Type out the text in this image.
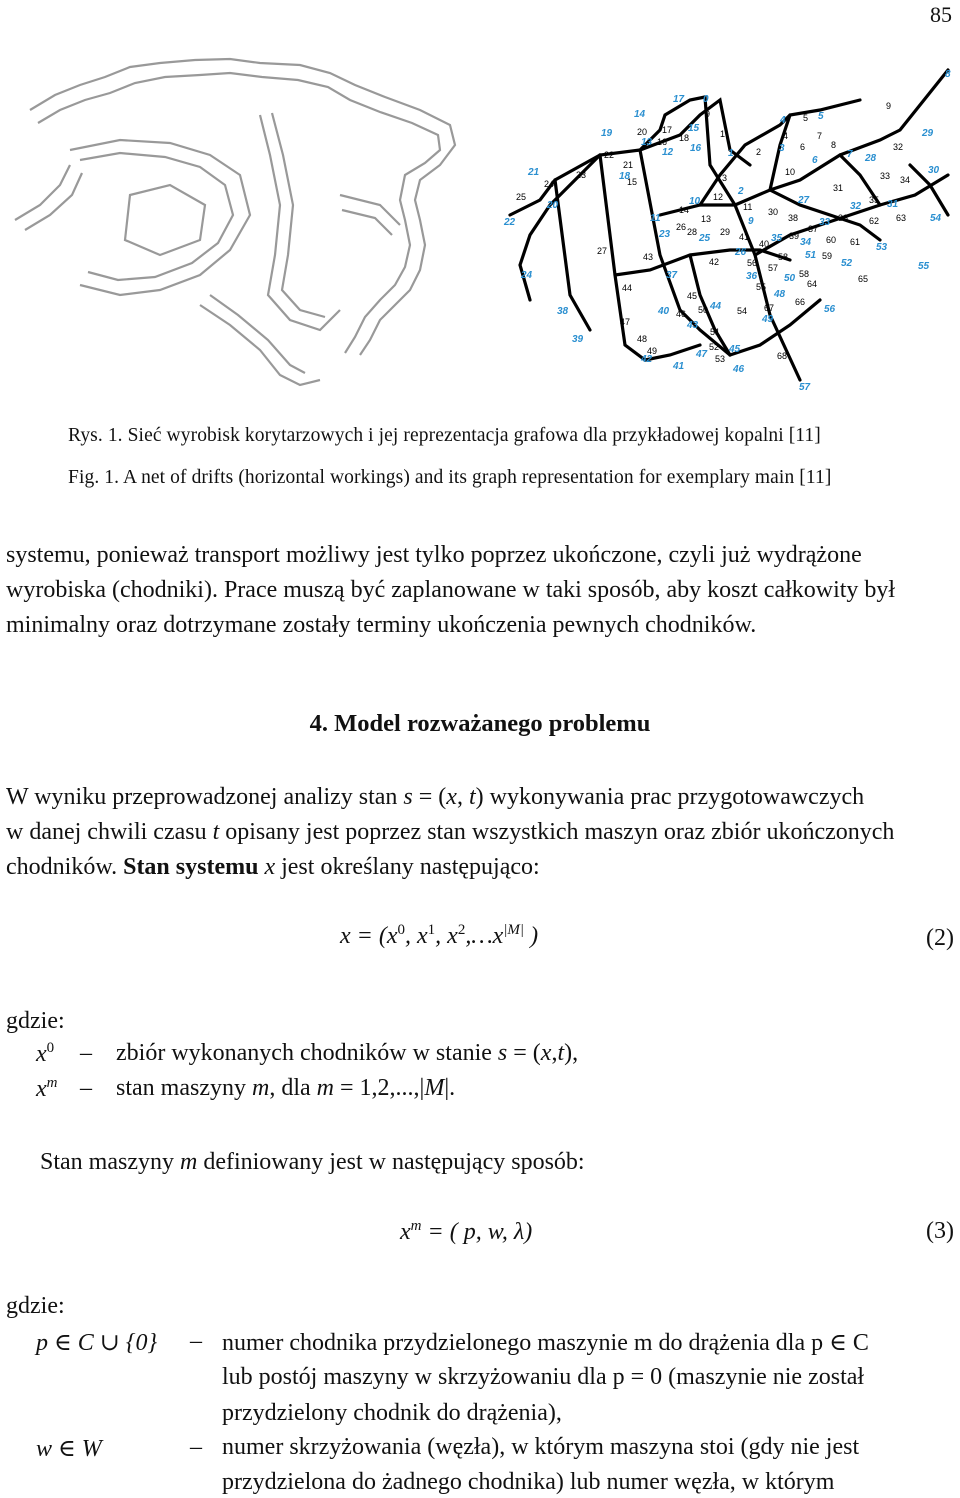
85
9
20 17
22
16 18	1
2
3
5
4	7
6	8
9
10
21
15
24
23
25	12
14	11
13
26 28	29
30
38
31
33 34
32
35
36
37
39
40
41
62 63
60 61
27
43	42	56
58
57
58
59
44	55	64	65
45
66
50	54 67
46
47
51
48
52
49
53	68
0
17
14
15
19
13
12 16	1
4	5
3
6
7
8
29
28
30
18
21
20
22
2
10
11	9
27
32	31
54
23	25
33
35 34	53
26	51
52	55
24	37	36	50
48
38	40	44	56
49
43
39
45
47
42
41	46
57
Rys. 1. Sieć wyrobisk korytarzowych i jej reprezentacja grafowa dla przykładowej kopalni [11]
Fig. 1. A net of drifts (horizontal workings) and its graph representation for exemplary main [11]
systemu, ponieważ transport możliwy jest tylko poprzez ukończone, czyli już wydrążone
wyrobiska (chodniki). Prace muszą być zaplanowane w taki sposób, aby koszt całkowity był
minimalny oraz dotrzymane zostały terminy ukończenia pewnych chodników.
4. Model rozważanego problemu
W wyniku przeprowadzonej analizy stan s = (x, t) wykonywania prac przygotowawczych
w danej chwili czasu t opisany jest poprzez stan wszystkich maszyn oraz zbiór ukończonych
chodników. Stan systemu x jest określany następująco:
$x = (x^0$, $x^1$, $x^2,\dots x^{|M|}$ )	(2)
gdzie:
$x^0$ – zbiór wykonanych chodników w stanie s = (x,t),
$x^m$ – stan maszyny m, dla m = 1,2,...,|M|.
Stan maszyny m definiowany jest w następujący sposób:
$x^m$ = ( p, w, λ)	(3)
gdzie:
p ∈ C ∪ {0} – numer chodnika przydzielonego maszynie m do drążenia dla p ∈ C
lub postój maszyny w skrzyżowaniu dla p = 0 (maszynie nie został
przydzielony chodnik do drążenia),
w ∈ W	– numer skrzyżowania (węzła), w którym maszyna stoi (gdy nie jest
przydzielona do żadnego chodnika) lub numer węzła, w którym
